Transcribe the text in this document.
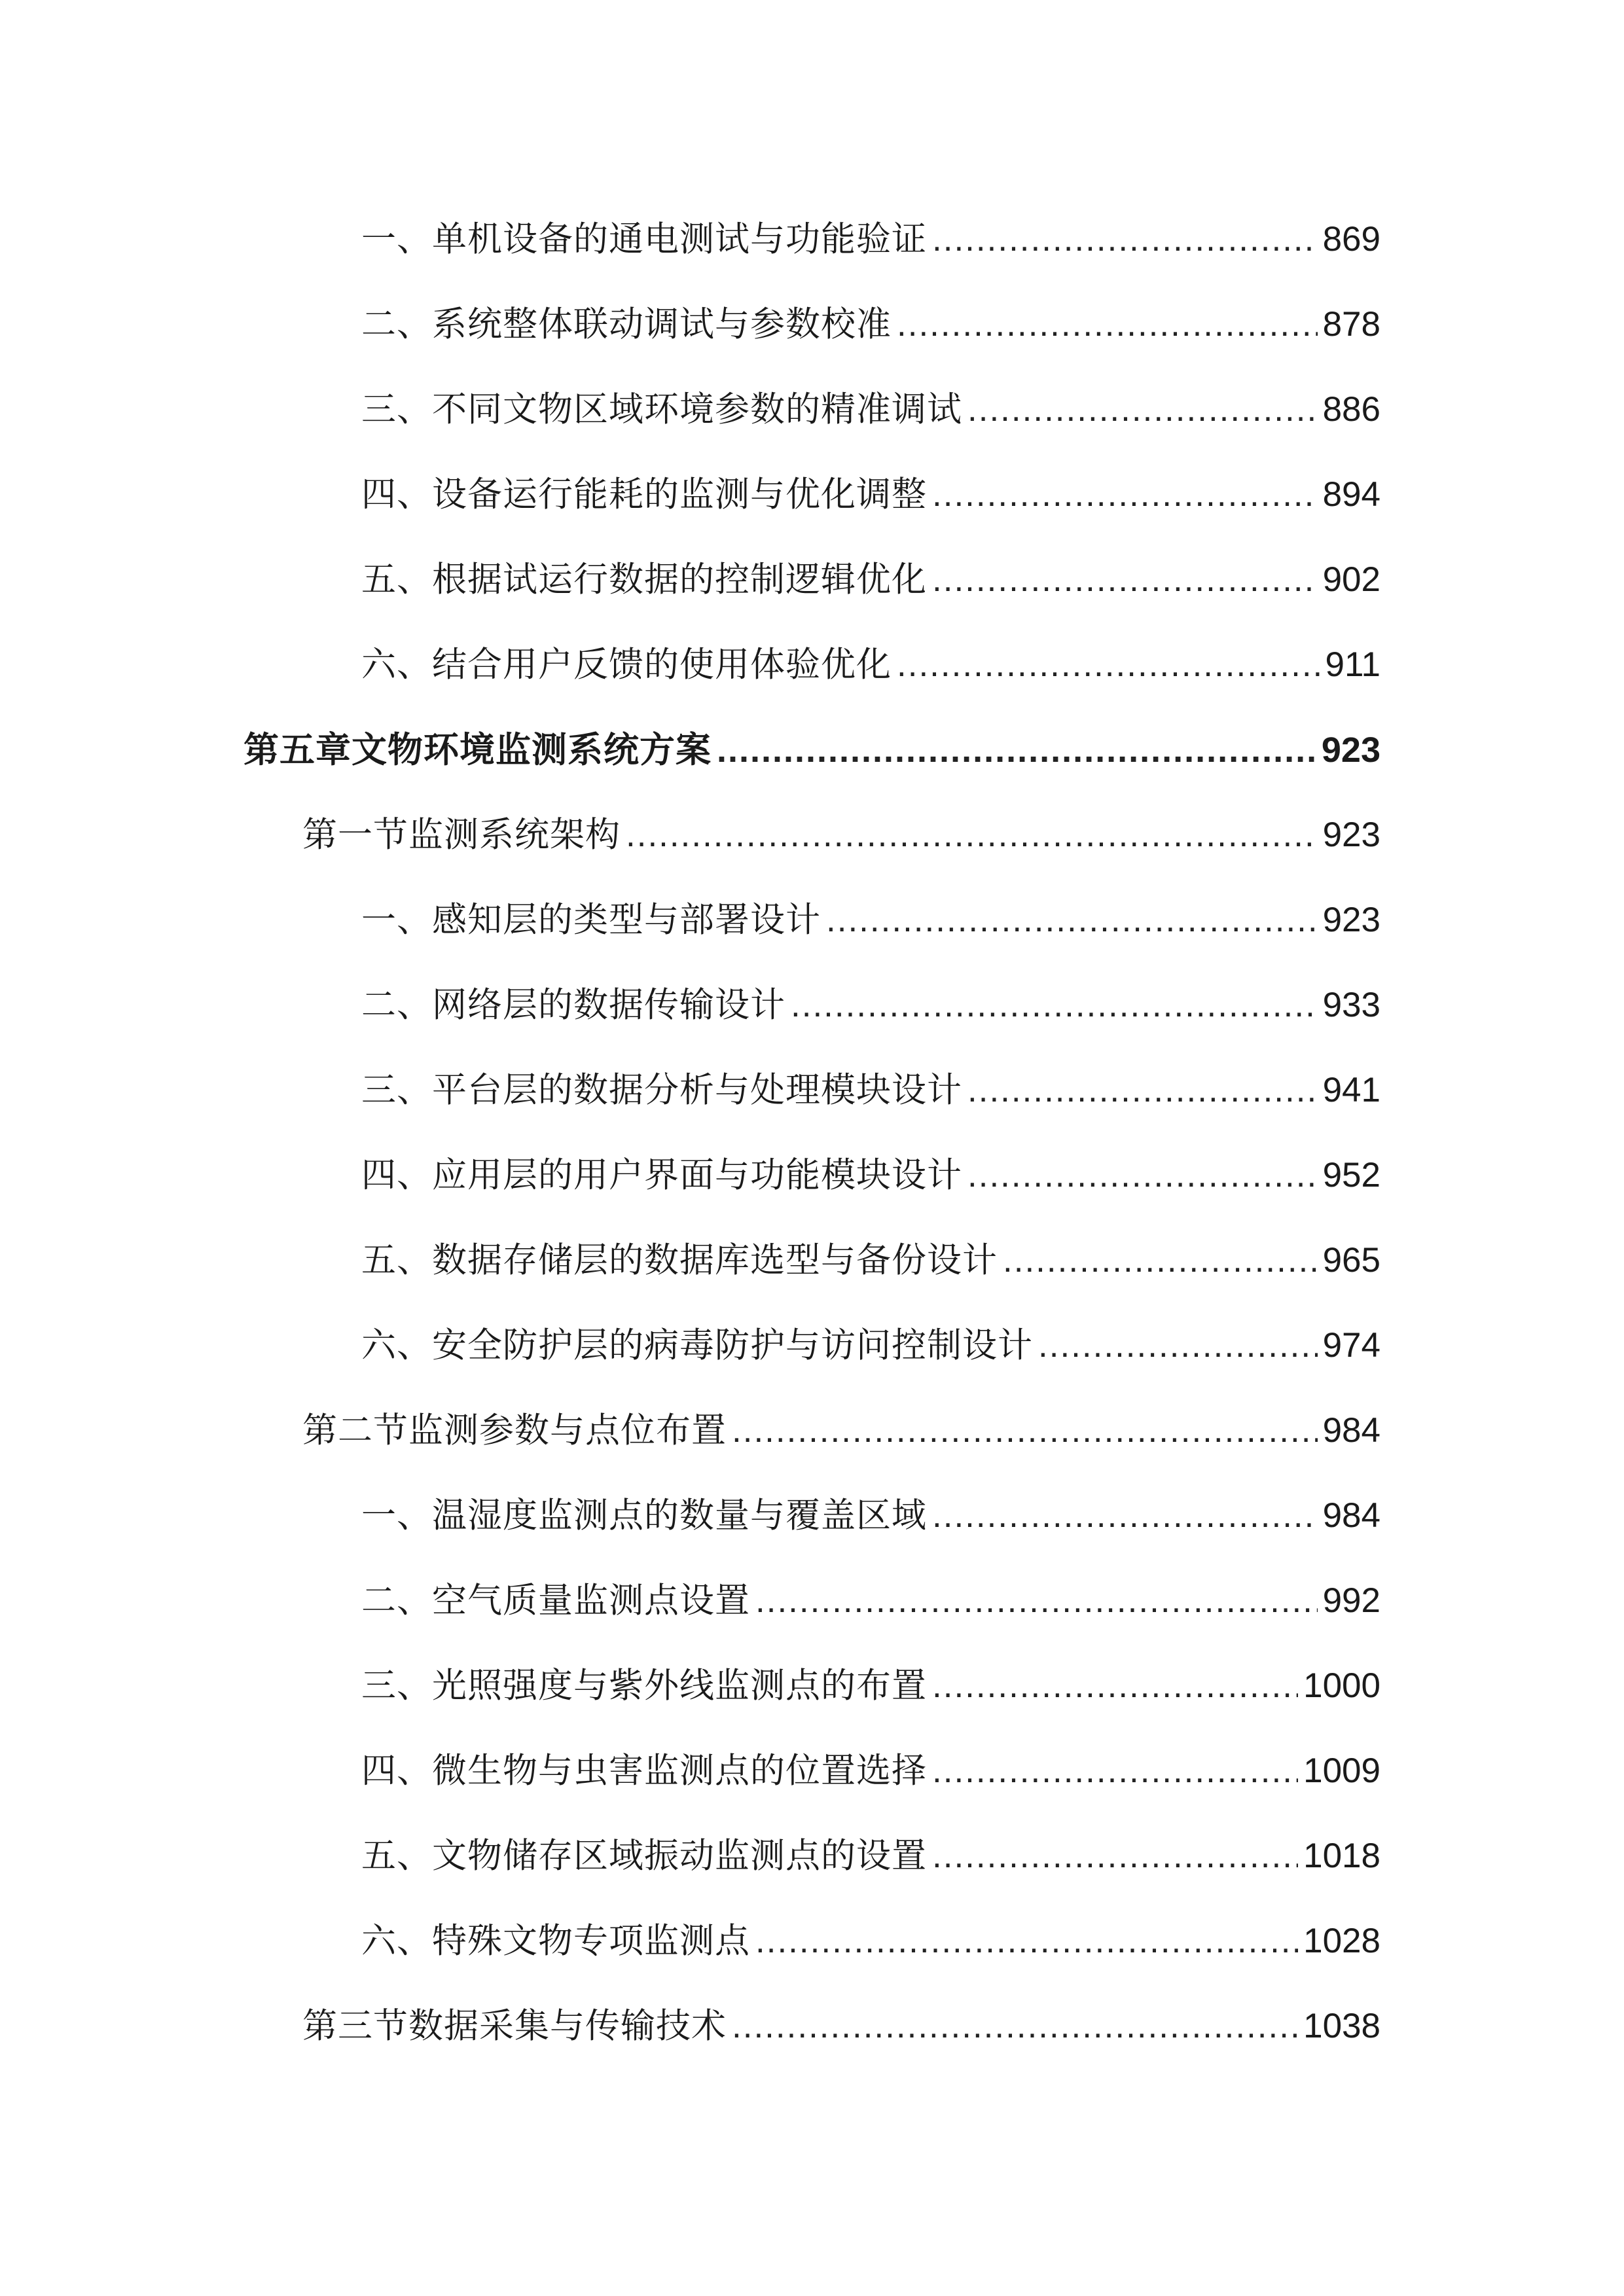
一、单机设备的通电测试与功能验证 .....	869
二、系统整体联动调试与参数校准 .....	878
三、不同文物区域环境参数的精准调试 .....	886
四、设备运行能耗的监测与优化调整 .....	894
五、根据试运行数据的控制逻辑优化 .....	902
六、结合用户反馈的使用体验优化 .....	911
第五章文物环境监测系统方案 .....	923
第一节监测系统架构 .....	923
一、感知层的类型与部署设计 .....	923
二、网络层的数据传输设计 .....	933
三、平台层的数据分析与处理模块设计 .....	941
四、应用层的用户界面与功能模块设计 .....	952
五、数据存储层的数据库选型与备份设计 .....	965
六、安全防护层的病毒防护与访问控制设计 .....	974
第二节监测参数与点位布置 .....	984
一、温湿度监测点的数量与覆盖区域 .....	984
二、空气质量监测点设置 .....	992
三、光照强度与紫外线监测点的布置 .....	1000
四、微生物与虫害监测点的位置选择 .....	1009
五、文物储存区域振动监测点的设置 .....	1018
六、特殊文物专项监测点 .....	1028
第三节数据采集与传输技术 .....	1038
